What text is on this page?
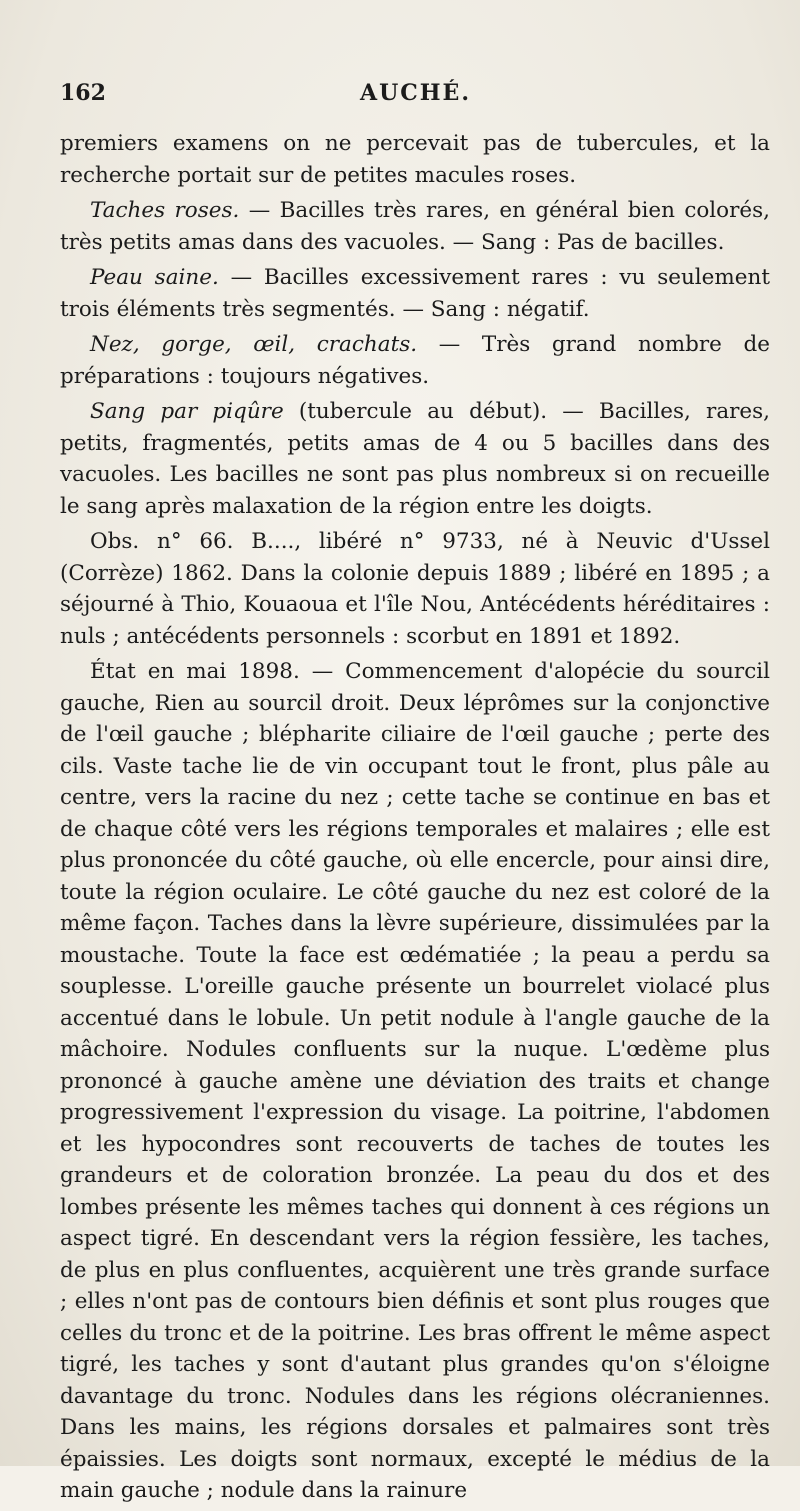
162	AUCHÉ.

premiers examens on ne percevait pas de tubercules, et la recherche portait sur de petites macules roses.

Taches roses. — Bacilles très rares, en général bien colorés, très petits amas dans des vacuoles. — Sang : Pas de bacilles.

Peau saine. — Bacilles excessivement rares : vu seulement trois éléments très segmentés. — Sang : négatif.

Nez, gorge, œil, crachats. — Très grand nombre de préparations : toujours négatives.

Sang par piqûre (tubercule au début). — Bacilles, rares, petits, fragmentés, petits amas de 4 ou 5 bacilles dans des vacuoles. Les bacilles ne sont pas plus nombreux si on recueille le sang après malaxation de la région entre les doigts.

Obs. n° 66. B...., libéré n° 9733, né à Neuvic d'Ussel (Corrèze) 1862. Dans la colonie depuis 1889 ; libéré en 1895 ; a séjourné à Thio, Kouaoua et l'île Nou, Antécédents héréditaires : nuls ; antécédents personnels : scorbut en 1891 et 1892.

État en mai 1898. — Commencement d'alopécie du sourcil gauche, Rien au sourcil droit. Deux léprômes sur la conjonctive de l'œil gauche ; blépharite ciliaire de l'œil gauche ; perte des cils. Vaste tache lie de vin occupant tout le front, plus pâle au centre, vers la racine du nez ; cette tache se continue en bas et de chaque côté vers les régions temporales et malaires ; elle est plus prononcée du côté gauche, où elle encercle, pour ainsi dire, toute la région oculaire. Le côté gauche du nez est coloré de la même façon. Taches dans la lèvre supérieure, dissimulées par la moustache. Toute la face est œdématiée ; la peau a perdu sa souplesse. L'oreille gauche présente un bourrelet violacé plus accentué dans le lobule. Un petit nodule à l'angle gauche de la mâchoire. Nodules confluents sur la nuque. L'œdème plus prononcé à gauche amène une déviation des traits et change progressivement l'expression du visage. La poitrine, l'abdomen et les hypocondres sont recouverts de taches de toutes les grandeurs et de coloration bronzée. La peau du dos et des lombes présente les mêmes taches qui donnent à ces régions un aspect tigré. En descendant vers la région fessière, les taches, de plus en plus confluentes, acquièrent une très grande surface ; elles n'ont pas de contours bien définis et sont plus rouges que celles du tronc et de la poitrine. Les bras offrent le même aspect tigré, les taches y sont d'autant plus grandes qu'on s'éloigne davantage du tronc. Nodules dans les régions olécraniennes. Dans les mains, les régions dorsales et palmaires sont très épaissies. Les doigts sont normaux, excepté le médius de la main gauche ; nodule dans la rainure
